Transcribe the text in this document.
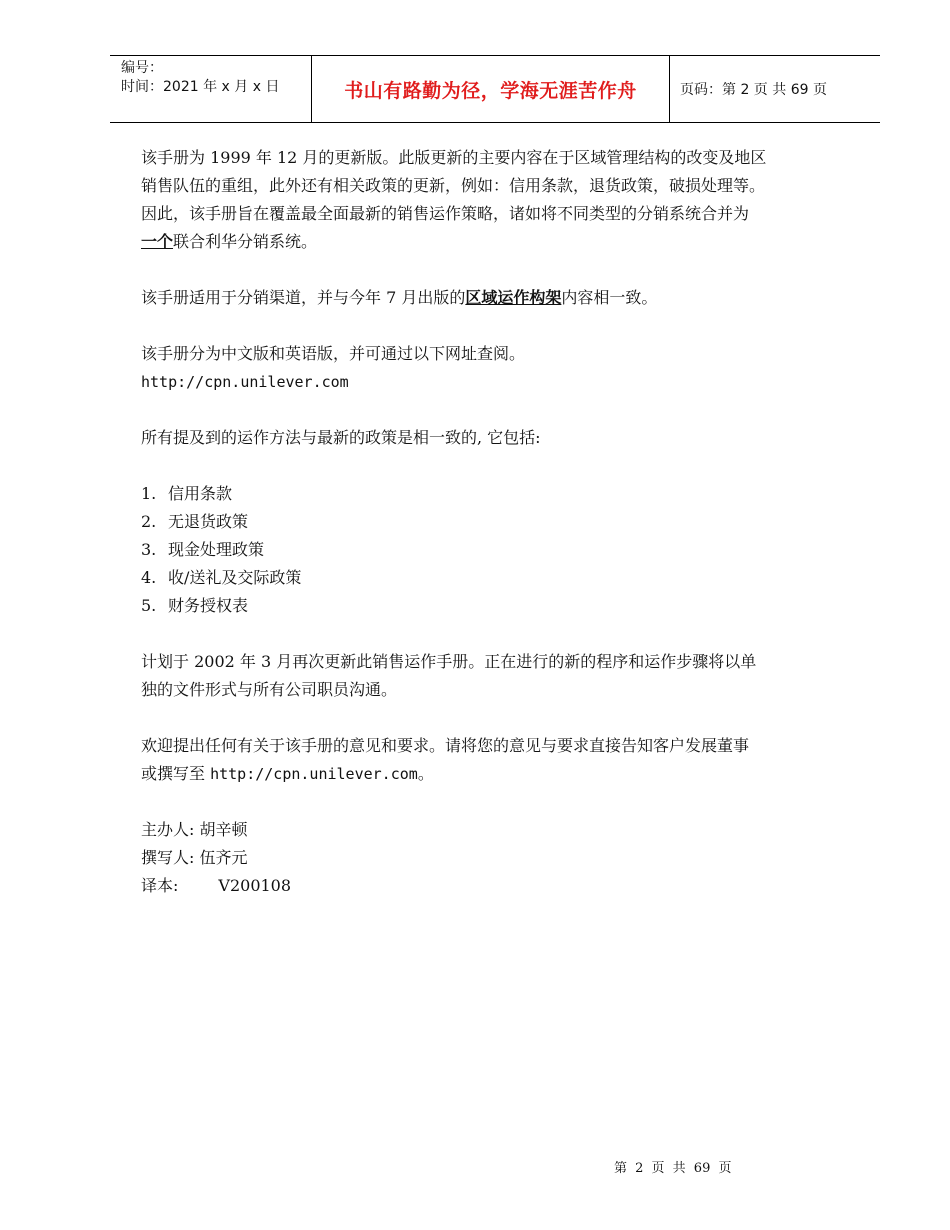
编号：
时间：2021 年 x 月 x 日	书山有路勤为径，学海无涯苦作舟	页码：第 2 页 共 69 页

该手册为 1999 年 12 月的更新版。此版更新的主要内容在于区域管理结构的改变及地区
销售队伍的重组，此外还有相关政策的更新，例如：信用条款，退货政策，破损处理等。
因此，该手册旨在覆盖最全面最新的销售运作策略，诸如将不同类型的分销系统合并为
一个联合利华分销系统。

该手册适用于分销渠道，并与今年 7 月出版的区域运作构架内容相一致。

该手册分为中文版和英语版，并可通过以下网址查阅。
http://cpn.unilever.com

所有提及到的运作方法与最新的政策是相一致的, 它包括:

1. 信用条款
2. 无退货政策
3. 现金处理政策
4. 收/送礼及交际政策
5. 财务授权表

计划于 2002 年 3 月再次更新此销售运作手册。正在进行的新的程序和运作步骤将以单
独的文件形式与所有公司职员沟通。

欢迎提出任何有关于该手册的意见和要求。请将您的意见与要求直接告知客户发展董事
或撰写至 http://cpn.unilever.com。

主办人: 胡辛顿
撰写人: 伍齐元
译本:	V200108

第 2 页 共 69 页
